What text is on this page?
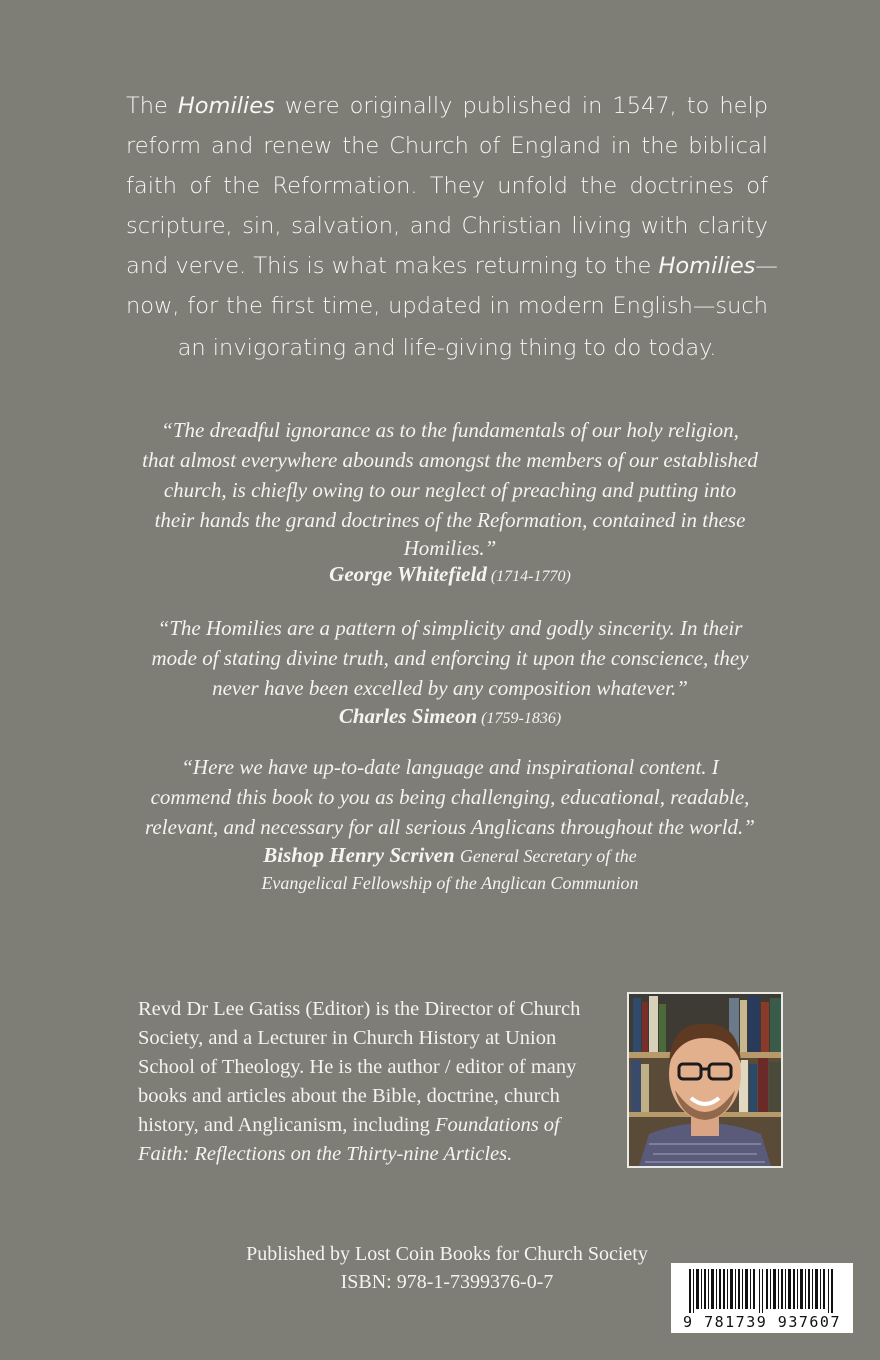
The Homilies were originally published in 1547, to help
reform and renew the Church of England in the biblical
faith of the Reformation. They unfold the doctrines of
scripture, sin, salvation, and Christian living with clarity
and verve. This is what makes returning to the Homilies—
now, for the first time, updated in modern English—such
an invigorating and life-giving thing to do today.
“The dreadful ignorance as to the fundamentals of our holy religion,
that almost everywhere abounds amongst the members of our established
church, is chiefly owing to our neglect of preaching and putting into
their hands the grand doctrines of the Reformation, contained in these
Homilies.”
George Whitefield (1714-1770)
“The Homilies are a pattern of simplicity and godly sincerity. In their
mode of stating divine truth, and enforcing it upon the conscience, they
never have been excelled by any composition whatever.”
Charles Simeon (1759-1836)
“Here we have up-to-date language and inspirational content. I
commend this book to you as being challenging, educational, readable,
relevant, and necessary for all serious Anglicans throughout the world.”
Bishop Henry Scriven General Secretary of the
Evangelical Fellowship of the Anglican Communion
Revd Dr Lee Gatiss (Editor) is the Director of Church
Society, and a Lecturer in Church History at Union
School of Theology. He is the author / editor of many
books and articles about the Bible, doctrine, church
history, and Anglicanism, including Foundations of
Faith: Reflections on the Thirty-nine Articles.
Published by Lost Coin Books for Church Society
ISBN: 978-1-7399376-0-7
9 781739 937607
